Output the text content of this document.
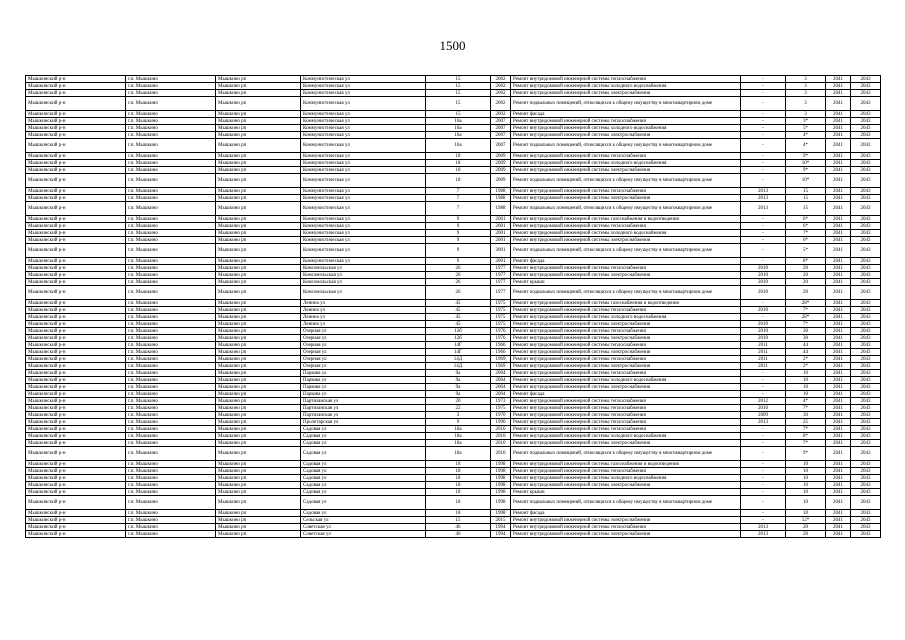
1500
Мышкинский р-н	г.п. Мышкино	Мышкино рп	Коммунистическая ул	15	2002	Ремонт внутридомовой инженерной системы теплоснабжения	-	3	2041	2043
Мышкинский р-н	г.п. Мышкино	Мышкино рп	Коммунистическая ул	15	2002	Ремонт внутридомовой инженерной системы холодного водоснабжения	-	3	2041	2043
Мышкинский р-н	г.п. Мышкино	Мышкино рп	Коммунистическая ул	15	2002	Ремонт внутридомовой инженерной системы электроснабжения	-	3	2041	2043
Мышкинский р-н	г.п. Мышкино	Мышкино рп	Коммунистическая ул	15	2002	Ремонт подвальных помещений, относящихся к общему имуществу в многоквартирном доме	-	3	2041	2043
Мышкинский р-н	г.п. Мышкино	Мышкино рп	Коммунистическая ул	15	2002	Ремонт фасада	-	3	2041	2043
Мышкинский р-н	г.п. Мышкино	Мышкино рп	Коммунистическая ул	16а	2007	Ремонт внутридомовой инженерной системы теплоснабжения	-	3*	2041	2043
Мышкинский р-н	г.п. Мышкино	Мышкино рп	Коммунистическая ул	16а	2007	Ремонт внутридомовой инженерной системы холодного водоснабжения	-	5*	2041	2043
Мышкинский р-н	г.п. Мышкино	Мышкино рп	Коммунистическая ул	16а	2007	Ремонт внутридомовой инженерной системы электроснабжения	-	4*	2041	2043
Мышкинский р-н	г.п. Мышкино	Мышкино рп	Коммунистическая ул	16а	2007	Ремонт подвальных помещений, относящихся к общему имуществу в многоквартирном доме	-	4*	2041	2043
Мышкинский р-н	г.п. Мышкино	Мышкино рп	Коммунистическая ул	18	2009	Ремонт внутридомовой инженерной системы теплоснабжения	-	9*	2041	2043
Мышкинский р-н	г.п. Мышкино	Мышкино рп	Коммунистическая ул	18	2009	Ремонт внутридомовой инженерной системы холодного водоснабжения	-	10*	2041	2043
Мышкинский р-н	г.п. Мышкино	Мышкино рп	Коммунистическая ул	18	2009	Ремонт внутридомовой инженерной системы электроснабжения	-	9*	2041	2043
Мышкинский р-н	г.п. Мышкино	Мышкино рп	Коммунистическая ул	18	2009	Ремонт подвальных помещений, относящихся к общему имуществу в многоквартирном доме	-	10*	2041	2043
Мышкинский р-н	г.п. Мышкино	Мышкино рп	Коммунистическая ул	7	1988	Ремонт внутридомовой инженерной системы теплоснабжения	2013	15	2041	2043
Мышкинский р-н	г.п. Мышкино	Мышкино рп	Коммунистическая ул	7	1988	Ремонт внутридомовой инженерной системы электроснабжения	2013	15	2041	2043
Мышкинский р-н	г.п. Мышкино	Мышкино рп	Коммунистическая ул	7	1988	Ремонт подвальных помещений, относящихся к общему имуществу в многоквартирном доме	2013	15	2041	2043
Мышкинский р-н	г.п. Мышкино	Мышкино рп	Коммунистическая ул	9	2001	Ремонт внутридомовой инженерной системы газоснабжения и водоотведения	-	6*	2041	2043
Мышкинский р-н	г.п. Мышкино	Мышкино рп	Коммунистическая ул	9	2001	Ремонт внутридомовой инженерной системы теплоснабжения	-	6*	2041	2043
Мышкинский р-н	г.п. Мышкино	Мышкино рп	Коммунистическая ул	9	2001	Ремонт внутридомовой инженерной системы холодного водоснабжения	-	7*	2041	2043
Мышкинский р-н	г.п. Мышкино	Мышкино рп	Коммунистическая ул	9	2001	Ремонт внутридомовой инженерной системы электроснабжения	-	6*	2041	2043
Мышкинский р-н	г.п. Мышкино	Мышкино рп	Коммунистическая ул	9	2001	Ремонт подвальных помещений, относящихся к общему имуществу в многоквартирном доме	-	5*	2041	2043
Мышкинский р-н	г.п. Мышкино	Мышкино рп	Коммунистическая ул	9	2001	Ремонт фасада	-	8*	2041	2043
Мышкинский р-н	г.п. Мышкино	Мышкино рп	Комсомольская ул	26	1977	Ремонт внутридомовой инженерной системы теплоснабжения	2010	20	2041	2043
Мышкинский р-н	г.п. Мышкино	Мышкино рп	Комсомольская ул	26	1977	Ремонт внутридомовой инженерной системы электроснабжения	2010	20	2041	2043
Мышкинский р-н	г.п. Мышкино	Мышкино рп	Комсомольская ул	26	1977	Ремонт крыши	2010	20	2041	2043
Мышкинский р-н	г.п. Мышкино	Мышкино рп	Комсомольская ул	26	1977	Ремонт подвальных помещений, относящихся к общему имуществу в многоквартирном доме	2010	20	2041	2043
Мышкинский р-н	г.п. Мышкино	Мышкино рп	Ленина ул	45	1975	Ремонт внутридомовой инженерной системы газоснабжения и водоотведения	-	28*	2041	2043
Мышкинский р-н	г.п. Мышкино	Мышкино рп	Ленина ул	45	1975	Ремонт внутридомовой инженерной системы теплоснабжения	2010	7*	2041	2043
Мышкинский р-н	г.п. Мышкино	Мышкино рп	Ленина ул	45	1975	Ремонт внутридомовой инженерной системы холодного водоснабжения	-	28*	2041	2043
Мышкинский р-н	г.п. Мышкино	Мышкино рп	Ленина ул	45	1975	Ремонт внутридомовой инженерной системы электроснабжения	2010	7*	2041	2043
Мышкинский р-н	г.п. Мышкино	Мышкино рп	Озерная ул	12б	1976	Ремонт внутридомовой инженерной системы теплоснабжения	2010	30	2041	2043
Мышкинский р-н	г.п. Мышкино	Мышкино рп	Озерная ул	12б	1976	Ремонт внутридомовой инженерной системы электроснабжения	2010	30	2041	2043
Мышкинский р-н	г.п. Мышкино	Мышкино рп	Озерная ул	14Г	1966	Ремонт внутридомовой инженерной системы теплоснабжения	2011	44	2041	2043
Мышкинский р-н	г.п. Мышкино	Мышкино рп	Озерная ул	14Г	1966	Ремонт внутридомовой инженерной системы электроснабжения	2011	44	2041	2043
Мышкинский р-н	г.п. Мышкино	Мышкино рп	Озерная ул	14Д	1969	Ремонт внутридомовой инженерной системы теплоснабжения	2011	2*	2041	2043
Мышкинский р-н	г.п. Мышкино	Мышкино рп	Озерная ул	14Д	1969	Ремонт внутридомовой инженерной системы электроснабжения	2011	2*	2041	2043
Мышкинский р-н	г.п. Мышкино	Мышкино рп	Паркова ул	9а	2004	Ремонт внутридомовой инженерной системы теплоснабжения	-	10	2041	2043
Мышкинский р-н	г.п. Мышкино	Мышкино рп	Паркова ул	9а	2004	Ремонт внутридомовой инженерной системы холодного водоснабжения	-	10	2041	2043
Мышкинский р-н	г.п. Мышкино	Мышкино рп	Паркова ул	9а	2004	Ремонт внутридомовой инженерной системы электроснабжения	-	10	2041	2043
Мышкинский р-н	г.п. Мышкино	Мышкино рп	Паркова ул	9а	2004	Ремонт фасада	-	10	2041	2043
Мышкинский р-н	г.п. Мышкино	Мышкино рп	Партизанская ул	20	1973	Ремонт внутридомовой инженерной системы теплоснабжения	2012	4*	2041	2043
Мышкинский р-н	г.п. Мышкино	Мышкино рп	Партизанская ул	22	1975	Ремонт внутридомовой инженерной системы теплоснабжения	2010	7*	2041	2043
Мышкинский р-н	г.п. Мышкино	Мышкино рп	Партизанская ул	3	1970	Ремонт внутридомовой инженерной системы теплоснабжения	2009	30	2041	2043
Мышкинский р-н	г.п. Мышкино	Мышкино рп	Пролетарская ул	9	1990	Ремонт внутридомовой инженерной системы теплоснабжения	2013	25	2041	2043
Мышкинский р-н	г.п. Мышкино	Мышкино рп	Садовая ул	18а	2010	Ремонт внутридомовой инженерной системы теплоснабжения	-	7*	2041	2043
Мышкинский р-н	г.п. Мышкино	Мышкино рп	Садовая ул	18а	2010	Ремонт внутридомовой инженерной системы холодного водоснабжения	-	8*	2041	2043
Мышкинский р-н	г.п. Мышкино	Мышкино рп	Садовая ул	18а	2010	Ремонт внутридомовой инженерной системы электроснабжения	-	7*	2041	2043
Мышкинский р-н	г.п. Мышкино	Мышкино рп	Садовая ул	18а	2010	Ремонт подвальных помещений, относящихся к общему имуществу в многоквартирном доме	-	9*	2041	2043
Мышкинский р-н	г.п. Мышкино	Мышкино рп	Садовая ул	18	1998	Ремонт внутридомовой инженерной системы газоснабжения и водоотведения	-	10	2041	2043
Мышкинский р-н	г.п. Мышкино	Мышкино рп	Садовая ул	18	1998	Ремонт внутридомовой инженерной системы теплоснабжения	-	10	2041	2043
Мышкинский р-н	г.п. Мышкино	Мышкино рп	Садовая ул	18	1998	Ремонт внутридомовой инженерной системы холодного водоснабжения	-	10	2041	2043
Мышкинский р-н	г.п. Мышкино	Мышкино рп	Садовая ул	18	1998	Ремонт внутридомовой инженерной системы электроснабжения	-	10	2041	2043
Мышкинский р-н	г.п. Мышкино	Мышкино рп	Садовая ул	18	1998	Ремонт крыши	-	10	2041	2043
Мышкинский р-н	г.п. Мышкино	Мышкино рп	Садовая ул	18	1998	Ремонт подвальных помещений, относящихся к общему имуществу в многоквартирном доме	-	10	2041	2043
Мышкинский р-н	г.п. Мышкино	Мышкино рп	Садовая ул	18	1998	Ремонт фасада	-	10	2041	2043
Мышкинский р-н	г.п. Мышкино	Мышкино рп	Сельская ул	15	2015	Ремонт внутридомовой инженерной системы электроснабжения	-	12*	2041	2043
Мышкинский р-н	г.п. Мышкино	Мышкино рп	Советская ул	46	1994	Ремонт внутридомовой инженерной системы теплоснабжения	2013	20	2041	2043
Мышкинский р-н	г.п. Мышкино	Мышкино рп	Советская ул	46	1994	Ремонт внутридомовой инженерной системы электроснабжения	2013	20	2041	2043
